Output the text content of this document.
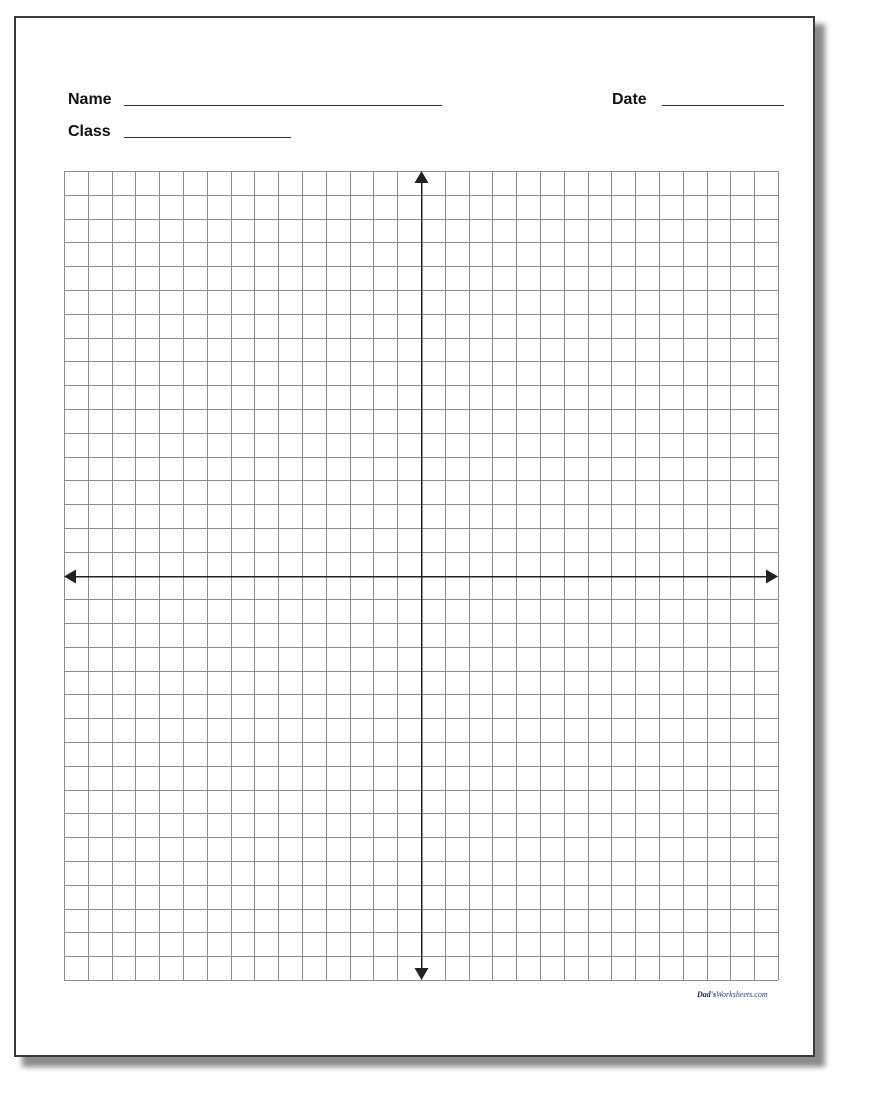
Name	Date
Class
Dad'sWorksheets.com
